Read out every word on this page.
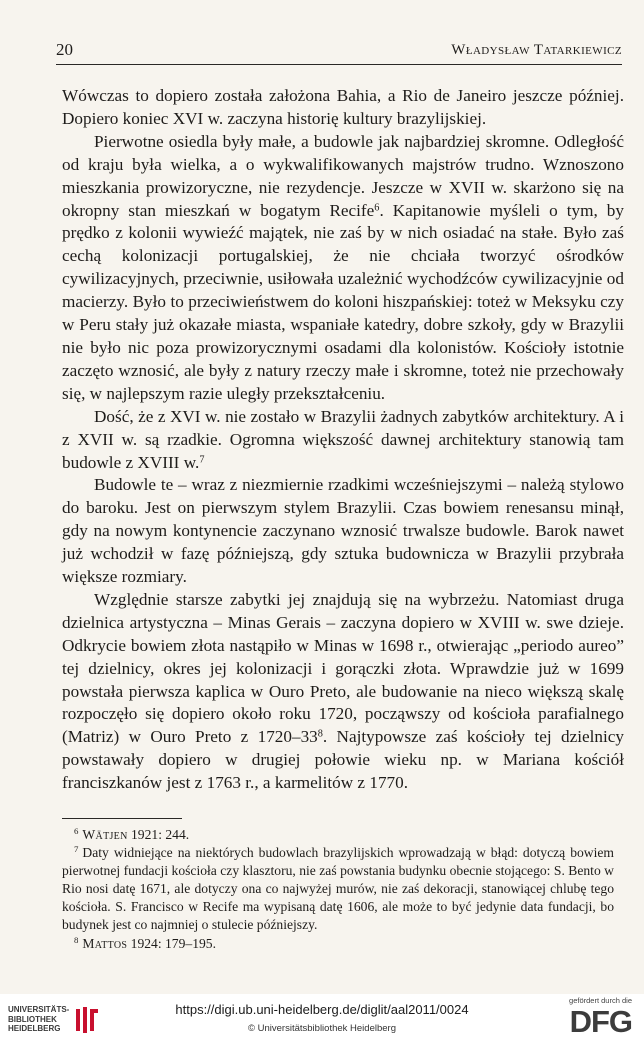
20	Władysław Tatarkiewicz

Wówczas to dopiero została założona Bahia, a Rio de Janeiro jeszcze później. Dopiero koniec XVI w. zaczyna historię kultury brazylijskiej.

Pierwotne osiedla były małe, a budowle jak najbardziej skromne. Odległość od kraju była wielka, a o wykwalifikowanych majstrów trudno. Wznoszono mieszkania prowizoryczne, nie rezydencje. Jeszcze w XVII w. skarżono się na okropny stan mieszkań w bogatym Recife$^6$. Kapitanowie myśleli o tym, by prędko z kolonii wywieźć majątek, nie zaś by w nich osiadać na stałe. Było zaś cechą kolonizacji portugalskiej, że nie chciała tworzyć ośrodków cywilizacyjnych, przeciwnie, usiłowała uzależnić wychodźców cywilizacyjnie od macierzy. Było to przeciwieństwem do koloni hiszpańskiej: toteż w Meksyku czy w Peru stały już okazałe miasta, wspaniałe katedry, dobre szkoły, gdy w Brazylii nie było nic poza prowizorycznymi osadami dla kolonistów. Kościoły istotnie zaczęto wznosić, ale były z natury rzeczy małe i skromne, toteż nie przechowały się, w najlepszym razie uległy przekształceniu.

Dość, że z XVI w. nie zostało w Brazylii żadnych zabytków architektury. A i z XVII w. są rzadkie. Ogromna większość dawnej architektury stanowią tam budowle z XVIII w.$^7$

Budowle te – wraz z niezmiernie rzadkimi wcześniejszymi – należą stylowo do baroku. Jest on pierwszym stylem Brazylii. Czas bowiem renesansu minął, gdy na nowym kontynencie zaczynano wznosić trwalsze budowle. Barok nawet już wchodził w fazę późniejszą, gdy sztuka budownicza w Brazylii przybrała większe rozmiary.

Względnie starsze zabytki jej znajdują się na wybrzeżu. Natomiast druga dzielnica artystyczna – Minas Gerais – zaczyna dopiero w XVIII w. swe dzieje. Odkrycie bowiem złota nastąpiło w Minas w 1698 r., otwierając „periodo aureo” tej dzielnicy, okres jej kolonizacji i gorączki złota. Wprawdzie już w 1699 powstała pierwsza kaplica w Ouro Preto, ale budowanie na nieco większą skalę rozpoczęło się dopiero około roku 1720, począwszy od kościoła parafialnego (Matriz) w Ouro Preto z $1720-33^8$. Najtypowsze zaś kościoły tej dzielnicy powstawały dopiero w drugiej połowie wieku np. w Mariana kościół franciszkanów jest z 1763 r., a karmelitów z 1770.

$^6$ Wätjen 1921: 244.

$^7$ Daty widniejące na niektórych budowlach brazylijskich wprowadzają w błąd: dotyczą bowiem pierwotnej fundacji kościoła czy klasztoru, nie zaś powstania budynku obecnie stojącego: S. Bento w Rio nosi datę 1671, ale dotyczy ona co najwyżej murów, nie zaś dekoracji, stanowiącej chlubę tego kościoła. S. Francisco w Recife ma wypisaną datę 1606, ale może to być jedynie data fundacji, bo budynek jest co najmniej o stulecie późniejszy.

$^8$ Mattos 1924: 179–195.

UNIVERSITÄTS-
BIBLIOTHEK
HEIDELBERG
https://digi.ub.uni-heidelberg.de/diglit/aal2011/0024
© Universitätsbibliothek Heidelberg
gefördert durch die
DFG
